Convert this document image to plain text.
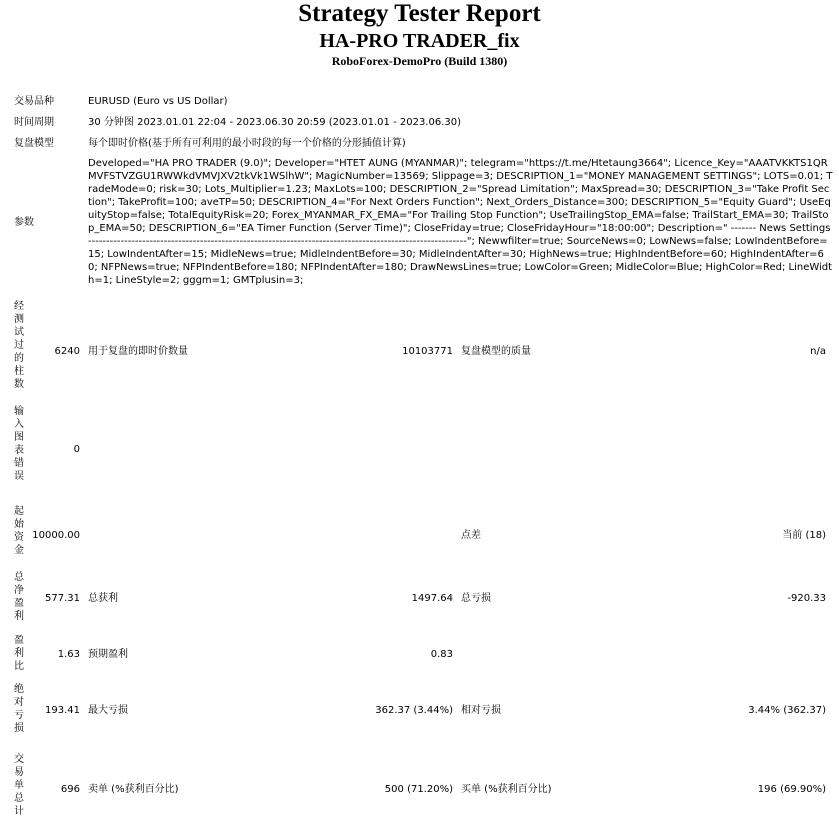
Strategy Tester Report
HA-PRO TRADER_fix
RoboForex-DemoPro (Build 1380)
交易品种	EURUSD (Euro vs US Dollar)
时间周期	30 分钟图 2023.01.01 22:04 - 2023.06.30 20:59 (2023.01.01 - 2023.06.30)
复盘模型	每个即时价格(基于所有可利用的最小时段的每一个价格的分形插值计算)
参数

Developed="HA PRO TRADER (9.0)"; Developer="HTET AUNG (MYANMAR)"; telegram="https://t.me/Htetaung3664"; Licence_Key="AAATVKKTS1QRMVFSTVZGU1RWWkdVMVJXV2tkVk1WSlhW"; MagicNumber=13569; Slippage=3; DESCRIPTION_1="MONEY MANAGEMENT SETTINGS"; LOTS=0.01; TradeMode=0; risk=30; Lots_Multiplier=1.23; MaxLots=100; DESCRIPTION_2="Spread Limitation"; MaxSpread=30; DESCRIPTION_3="Take Profit Section"; TakeProfit=100; aveTP=50; DESCRIPTION_4="For Next Orders Function"; Next_Orders_Distance=300; DESCRIPTION_5="Equity Guard"; UseEquityStop=false; TotalEquityRisk=20; Forex_MYANMAR_FX_EMA="For Trailing Stop Function"; UseTrailingStop_EMA=false; TrailStart_EMA=30; TrailStop_EMA=50; DESCRIPTION_6="EA Timer Function (Server Time)"; CloseFriday=true; CloseFridayHour="18:00:00"; Description=" ------- News Settings ---------------------------------------------------------------------------------------------------------"; Newwfilter=true; SourceNews=0; LowNews=false; LowIndentBefore=15; LowIndentAfter=15; MidleNews=true; MidleIndentBefore=30; MidleIndentAfter=30; HighNews=true; HighIndentBefore=60; HighIndentAfter=60; NFPNews=true; NFPIndentBefore=180; NFPIndentAfter=180; DrawNewsLines=true; LowColor=Green; MidleColor=Blue; HighColor=Red; LineWidth=1; LineStyle=2; gggm=1; GMTplusin=3;

经测试过的柱数
6240 用于复盘的即时价数量	10103771 复盘模型的质量	n/a
输入图表错误
0
起始资金
10000.00	点差	当前 (18)
总净盈利
577.31 总获利	1497.64 总亏损	-920.33
盈利比
1.63 预期盈利	0.83
绝对亏损
193.41 最大亏损	362.37 (3.44%) 相对亏损	3.44% (362.37)
交易单总计
696 卖单 (%获利百分比)	500 (71.20%) 买单 (%获利百分比)	196 (69.90%)
